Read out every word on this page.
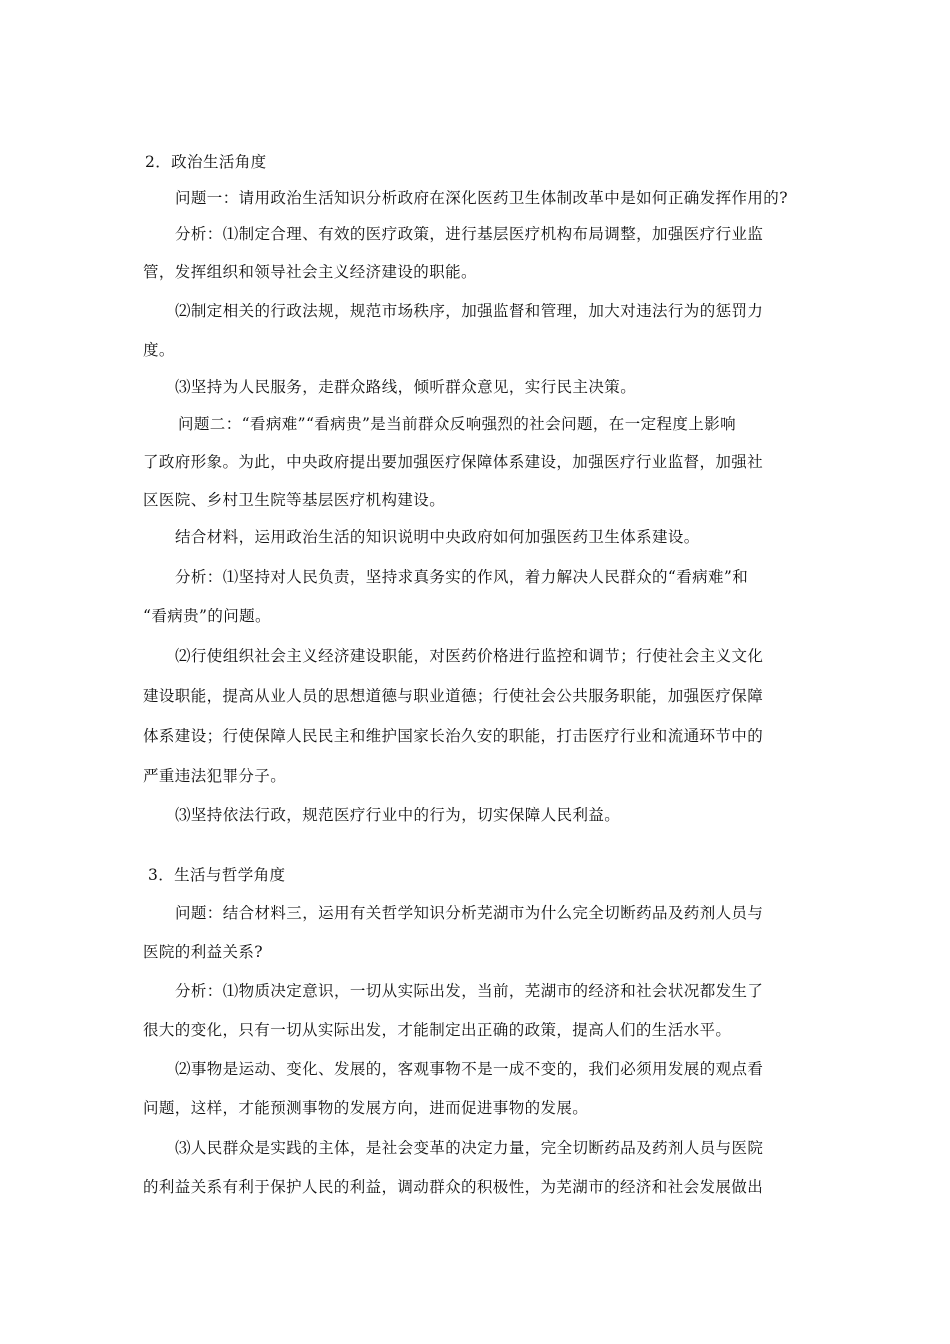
2．政治生活角度
问题一：请用政治生活知识分析政府在深化医药卫生体制改革中是如何正确发挥作用的?
分析：⑴制定合理、有效的医疗政策，进行基层医疗机构布局调整，加强医疗行业监
管，发挥组织和领导社会主义经济建设的职能。
⑵制定相关的行政法规，规范市场秩序，加强监督和管理，加大对违法行为的惩罚力
度。
⑶坚持为人民服务，走群众路线，倾听群众意见，实行民主决策。
问题二：“看病难”“看病贵”是当前群众反响强烈的社会问题，在一定程度上影响
了政府形象。为此，中央政府提出要加强医疗保障体系建设，加强医疗行业监督，加强社
区医院、乡村卫生院等基层医疗机构建设。
结合材料，运用政治生活的知识说明中央政府如何加强医药卫生体系建设。
分析：⑴坚持对人民负责，坚持求真务实的作风，着力解决人民群众的“看病难”和
“看病贵”的问题。
⑵行使组织社会主义经济建设职能，对医药价格进行监控和调节；行使社会主义文化
建设职能，提高从业人员的思想道德与职业道德；行使社会公共服务职能，加强医疗保障
体系建设；行使保障人民民主和维护国家长治久安的职能，打击医疗行业和流通环节中的
严重违法犯罪分子。
⑶坚持依法行政，规范医疗行业中的行为，切实保障人民利益。
3．生活与哲学角度
问题：结合材料三，运用有关哲学知识分析芜湖市为什么完全切断药品及药剂人员与
医院的利益关系?
分析：⑴物质决定意识，一切从实际出发，当前，芜湖市的经济和社会状况都发生了
很大的变化，只有一切从实际出发，才能制定出正确的政策，提高人们的生活水平。
⑵事物是运动、变化、发展的，客观事物不是一成不变的，我们必须用发展的观点看
问题，这样，才能预测事物的发展方向，进而促进事物的发展。
⑶人民群众是实践的主体，是社会变革的决定力量，完全切断药品及药剂人员与医院
的利益关系有利于保护人民的利益，调动群众的积极性，为芜湖市的经济和社会发展做出
